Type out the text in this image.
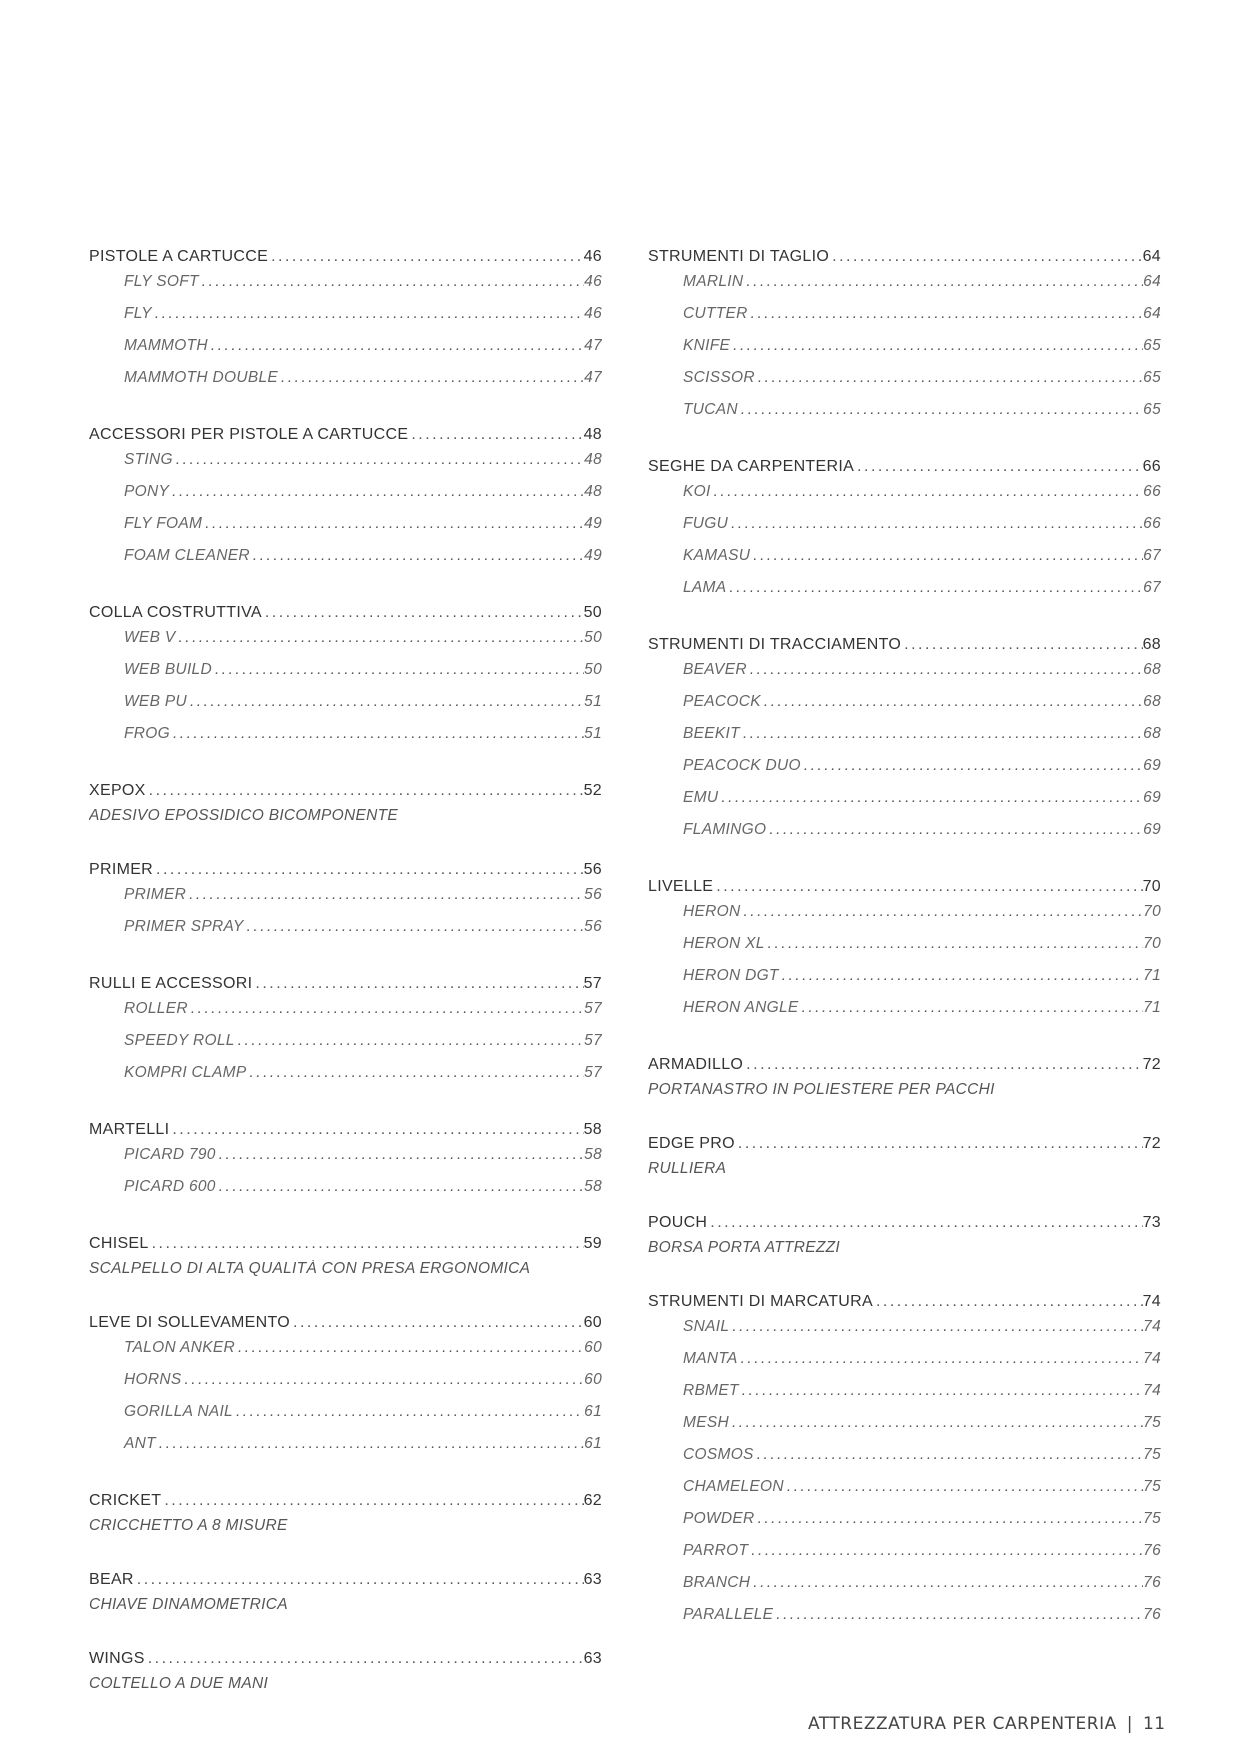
PISTOLE A CARTUCCE .....	46
FLY SOFT .....	46
FLY .....	46
MAMMOTH .....	47
MAMMOTH DOUBLE .....	47
ACCESSORI PER PISTOLE A CARTUCCE .....	48
STING .....	48
PONY .....	48
FLY FOAM .....	49
FOAM CLEANER .....	49
COLLA COSTRUTTIVA .....	50
WEB V .....	50
WEB BUILD .....	50
WEB PU .....	51
FROG .....	51
XEPOX .....	52
ADESIVO EPOSSIDICO BICOMPONENTE
PRIMER .....	56
PRIMER .....	56
PRIMER SPRAY .....	56
RULLI E ACCESSORI .....	57
ROLLER .....	57
SPEEDY ROLL .....	57
KOMPRI CLAMP .....	57
MARTELLI .....	58
PICARD 790 .....	58
PICARD 600 .....	58
CHISEL .....	59
SCALPELLO DI ALTA QUALITÀ CON PRESA ERGONOMICA
LEVE DI SOLLEVAMENTO .....	60
TALON ANKER .....	60
HORNS .....	60
GORILLA NAIL .....	61
ANT .....	61
CRICKET .....	62
CRICCHETTO A 8 MISURE
BEAR .....	63
CHIAVE DINAMOMETRICA
WINGS .....	63
COLTELLO A DUE MANI
STRUMENTI DI TAGLIO .....	64
MARLIN .....	64
CUTTER .....	64
KNIFE .....	65
SCISSOR .....	65
TUCAN .....	65
SEGHE DA CARPENTERIA .....	66
KOI .....	66
FUGU .....	66
KAMASU .....	67
LAMA .....	67
STRUMENTI DI TRACCIAMENTO .....	68
BEAVER .....	68
PEACOCK .....	68
BEEKIT .....	68
PEACOCK DUO .....	69
EMU .....	69
FLAMINGO .....	69
LIVELLE .....	70
HERON .....	70
HERON XL .....	70
HERON DGT .....	71
HERON ANGLE .....	71
ARMADILLO .....	72
PORTANASTRO IN POLIESTERE PER PACCHI
EDGE PRO .....	72
RULLIERA
POUCH .....	73
BORSA PORTA ATTREZZI
STRUMENTI DI MARCATURA .....	74
SNAIL .....	74
MANTA .....	74
RBMET .....	74
MESH .....	75
COSMOS .....	75
CHAMELEON .....	75
POWDER .....	75
PARROT .....	76
BRANCH .....	76
PARALLELE .....	76
ATTREZZATURA PER CARPENTERIA | 11
